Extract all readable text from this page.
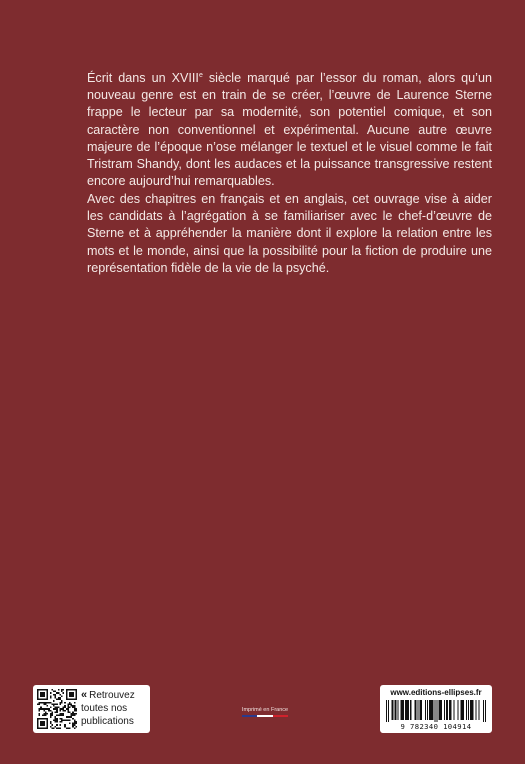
Écrit dans un XVIIIe siècle marqué par l’essor du roman, alors qu’un nouveau genre est en train de se créer, l’œuvre de Laurence Sterne frappe le lecteur par sa modernité, son potentiel comique, et son caractère non conventionnel et expérimental. Aucune autre œuvre majeure de l’époque n’ose mélanger le textuel et le visuel comme le fait Tristram Shandy, dont les audaces et la puissance transgressive restent encore aujourd’hui remarquables.

Avec des chapitres en français et en anglais, cet ouvrage vise à aider les candidats à l’agrégation à se familiariser avec le chef-d’œuvre de Sterne et à appréhender la manière dont il explore la relation entre les mots et le monde, ainsi que la possibilité pour la fiction de produire une représentation fidèle de la vie de la psyché.

« Retrouvez toutes nos publications
Imprimé en France
www.editions-ellipses.fr
9 782340 104914
